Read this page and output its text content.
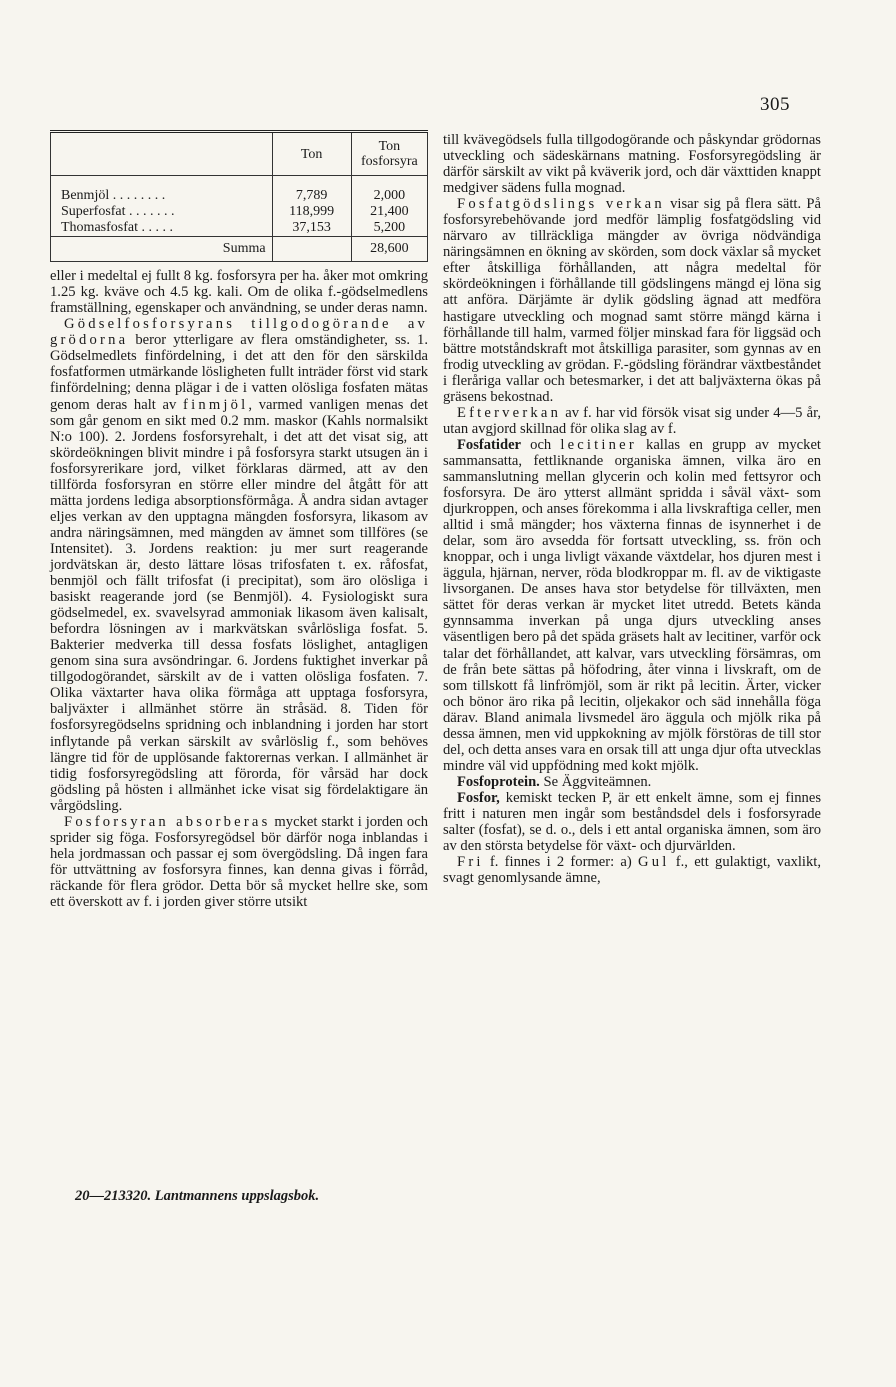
305
	Ton	Ton fosforsyra

Benmjöl . . . . . . . .	7,789	2,000
Superfosfat . . . . . . .	118,999	21,400
Thomasfosfat . . . . .	37,153	5,200
Summa		28,600

eller i medeltal ej fullt 8 kg. fosforsyra per ha. åker mot omkring 1.25 kg. kväve och 4.5 kg. kali. Om de olika f.-gödselmedlens framställning, egenskaper och användning, se under deras namn.

Gödselfosforsyrans tillgodogörande av grödorna beror ytterligare av flera omständigheter, ss. 1. Gödselmedlets finfördelning, i det att den för den särskilda fosfatformen utmärkande lösligheten fullt inträder först vid stark finfördelning; denna plägar i de i vatten olösliga fosfaten mätas genom deras halt av finmjöl, varmed vanligen menas det som går genom en sikt med 0.2 mm. maskor (Kahls normalsikt N:o 100). 2. Jordens fosforsyrehalt, i det att det visat sig, att skördeökningen blivit mindre i på fosforsyra starkt utsugen än i fosforsyrerikare jord, vilket förklaras därmed, att av den tillförda fosforsyran en större eller mindre del åtgått för att mätta jordens lediga absorptionsförmåga. Å andra sidan avtager eljes verkan av den upptagna mängden fosforsyra, likasom av andra näringsämnen, med mängden av ämnet som tillföres (se Intensitet). 3. Jordens reaktion: ju mer surt reagerande jordvätskan är, desto lättare lösas trifosfaten t. ex. råfosfat, benmjöl och fällt trifosfat (i precipitat), som äro olösliga i basiskt reagerande jord (se Benmjöl). 4. Fysiologiskt sura gödselmedel, ex. svavelsyrad ammoniak likasom även kalisalt, befordra lösningen av i markvätskan svårlösliga fosfat. 5. Bakterier medverka till dessa fosfats löslighet, antagligen genom sina sura avsöndringar. 6. Jordens fuktighet inverkar på tillgodogörandet, särskilt av de i vatten olösliga fosfaten. 7. Olika växtarter hava olika förmåga att upptaga fosforsyra, baljväxter i allmänhet större än stråsäd. 8. Tiden för fosforsyregödselns spridning och inblandning i jorden har stort inflytande på verkan särskilt av svårlöslig f., som behöves längre tid för de upplösande faktorernas verkan. I allmänhet är tidig fosforsyregödsling att förorda, för vårsäd har dock gödsling på hösten i allmänhet icke visat sig fördelaktigare än vårgödsling.

Fosforsyran absorberas mycket starkt i jorden och sprider sig föga. Fosforsyregödsel bör därför noga inblandas i hela jordmassan och passar ej som övergödsling. Då ingen fara för uttvättning av fosforsyra finnes, kan denna givas i förråd, räckande för flera grödor. Detta bör så mycket hellre ske, som ett överskott av f. i jorden giver större utsikt

till kvävegödsels fulla tillgodogörande och påskyndar grödornas utveckling och sädeskärnans matning. Fosforsyregödsling är därför särskilt av vikt på kväverik jord, och där växttiden knappt medgiver sädens fulla mognad.

Fosfatgödslings verkan visar sig på flera sätt. På fosforsyrebehövande jord medför lämplig fosfatgödsling vid närvaro av tillräckliga mängder av övriga nödvändiga näringsämnen en ökning av skörden, som dock växlar så mycket efter åtskilliga förhållanden, att några medeltal för skördeökningen i förhållande till gödslingens mängd ej löna sig att anföra. Därjämte är dylik gödsling ägnad att medföra hastigare utveckling och mognad samt större mängd kärna i förhållande till halm, varmed följer minskad fara för liggsäd och bättre motståndskraft mot åtskilliga parasiter, som gynnas av en frodig utveckling av grödan. F.-gödsling förändrar växtbeståndet i fleråriga vallar och betesmarker, i det att baljväxterna ökas på gräsens bekostnad.

Efterverkan av f. har vid försök visat sig under 4—5 år, utan avgjord skillnad för olika slag av f.

Fosfatider och lecitiner kallas en grupp av mycket sammansatta, fettliknande organiska ämnen, vilka äro en sammanslutning mellan glycerin och kolin med fettsyror och fosforsyra. De äro ytterst allmänt spridda i såväl växt- som djurkroppen, och anses förekomma i alla livskraftiga celler, men alltid i små mängder; hos växterna finnas de isynnerhet i de delar, som äro avsedda för fortsatt utveckling, ss. frön och knoppar, och i unga livligt växande växtdelar, hos djuren mest i äggula, hjärnan, nerver, röda blodkroppar m. fl. av de viktigaste livsorganen. De anses hava stor betydelse för tillväxten, men sättet för deras verkan är mycket litet utredd. Betets kända gynnsamma inverkan på unga djurs utveckling anses väsentligen bero på det späda gräsets halt av lecitiner, varför ock talar det förhållandet, att kalvar, vars utveckling försämras, om de från bete sättas på höfodring, åter vinna i livskraft, om de som tillskott få linfrömjöl, som är rikt på lecitin. Ärter, vicker och bönor äro rika på lecitin, oljekakor och säd innehålla föga därav. Bland animala livsmedel äro äggula och mjölk rika på dessa ämnen, men vid uppkokning av mjölk förstöras de till stor del, och detta anses vara en orsak till att unga djur ofta utvecklas mindre väl vid uppfödning med kokt mjölk.

Fosfoprotein. Se Äggviteämnen.

Fosfor, kemiskt tecken P, är ett enkelt ämne, som ej finnes fritt i naturen men ingår som beståndsdel dels i fosforsyrade salter (fosfat), se d. o., dels i ett antal organiska ämnen, som äro av den största betydelse för växt- och djurvärlden.

Fri f. finnes i 2 former: a) Gul f., ett gulaktigt, vaxlikt, svagt genomlysande ämne,

20—213320. Lantmannens uppslagsbok.
